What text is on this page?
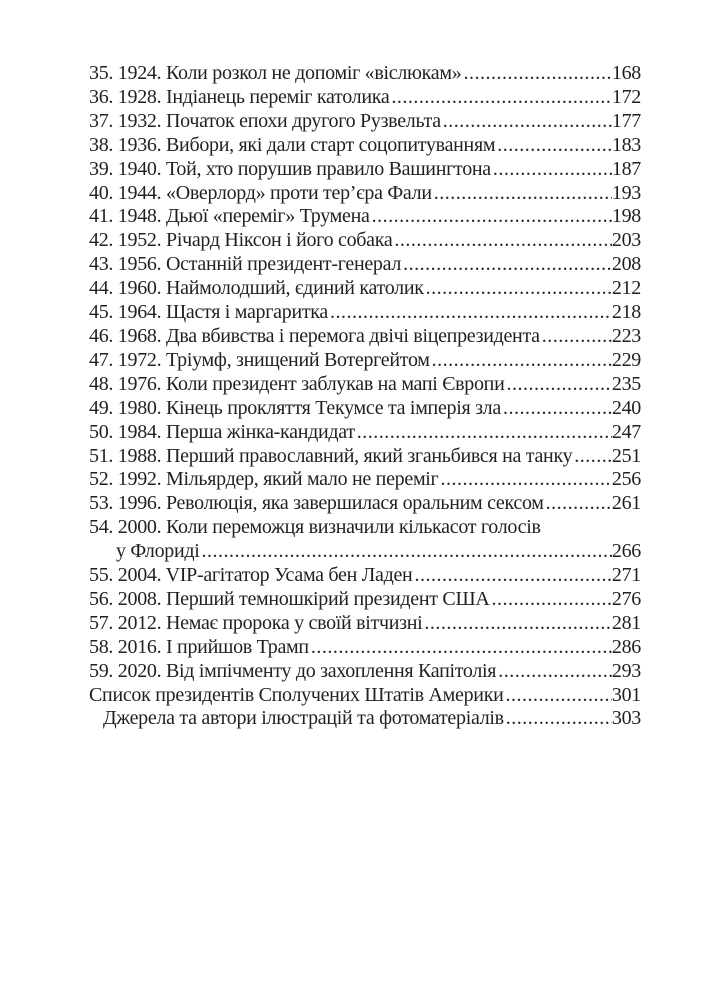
35. 1924. Коли розкол не допоміг «віслюкам» .....	168
36. 1928. Індіанець переміг католика .....	172
37. 1932. Початок епохи другого Рузвельта .....	177
38. 1936. Вибори, які дали старт соцопитуванням .....	183
39. 1940. Той, хто порушив правило Вашингтона .....	187
40. 1944. «Оверлорд» проти тер’єра Фали .....	193
41. 1948. Дьюї «переміг» Трумена .....	198
42. 1952. Річард Ніксон і його собака .....	203
43. 1956. Останній президент-генерал .....	208
44. 1960. Наймолодший, єдиний католик .....	212
45. 1964. Щастя і маргаритка .....	218
46. 1968. Два вбивства і перемога двічі віцепрезидента .....	223
47. 1972. Тріумф, знищений Вотергейтом .....	229
48. 1976. Коли президент заблукав на мапі Європи .....	235
49. 1980. Кінець прокляття Текумсе та імперія зла .....	240
50. 1984. Перша жінка-кандидат .....	247
51. 1988. Перший православний, який зганьбився на танку ..... 251
52. 1992. Мільярдер, який мало не переміг .....	256
53. 1996. Революція, яка завершилася оральним сексом .....	261
54. 2000. Коли переможця визначили кількасот голосів
у Флориді .....	266
55. 2004. VIP-агітатор Усама бен Ладен .....	271
56. 2008. Перший темношкірий президент США .....	276
57. 2012. Немає пророка у своїй вітчизні .....	281
58. 2016. І прийшов Трамп .....	286
59. 2020. Від імпічменту до захоплення Капітолія .....	293
Список президентів Сполучених Штатів Америки .....	301
Джерела та автори ілюстрацій та фотоматеріалів .....	303
